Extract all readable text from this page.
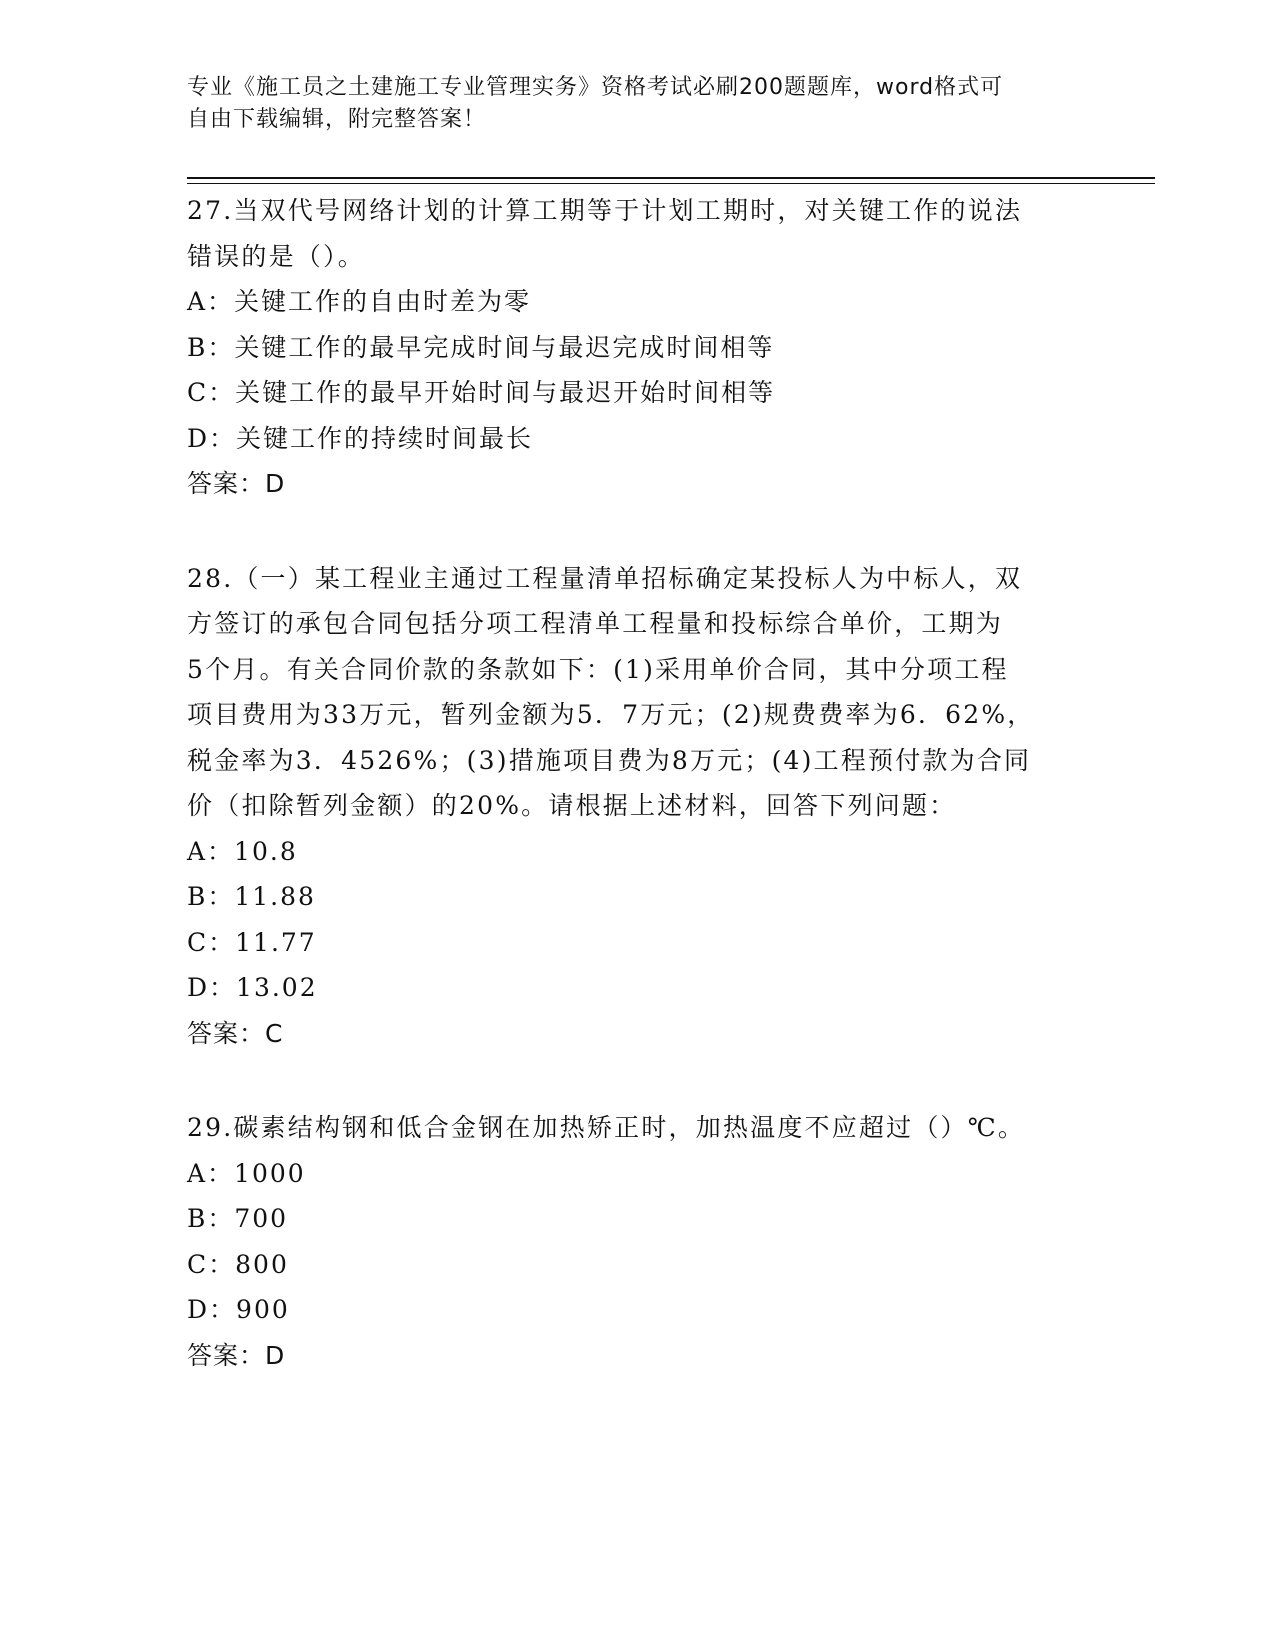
专业《施工员之土建施工专业管理实务》资格考试必刷200题题库，word格式可
自由下载编辑，附完整答案！
27.当双代号网络计划的计算工期等于计划工期时，对关键工作的说法
错误的是（）。
A：关键工作的自由时差为零
B：关键工作的最早完成时间与最迟完成时间相等
C：关键工作的最早开始时间与最迟开始时间相等
D：关键工作的持续时间最长
答案：D
28.（一）某工程业主通过工程量清单招标确定某投标人为中标人，双
方签订的承包合同包括分项工程清单工程量和投标综合单价，工期为
5个月。有关合同价款的条款如下：(1)采用单价合同，其中分项工程
项目费用为33万元，暂列金额为5．7万元；(2)规费费率为6．62%，
税金率为3．4526%；(3)措施项目费为8万元；(4)工程预付款为合同
价（扣除暂列金额）的20%。请根据上述材料，回答下列问题：
A：10.8
B：11.88
C：11.77
D：13.02
答案：C
29.碳素结构钢和低合金钢在加热矫正时，加热温度不应超过（）℃。
A：1000
B：700
C：800
D：900
答案：D
